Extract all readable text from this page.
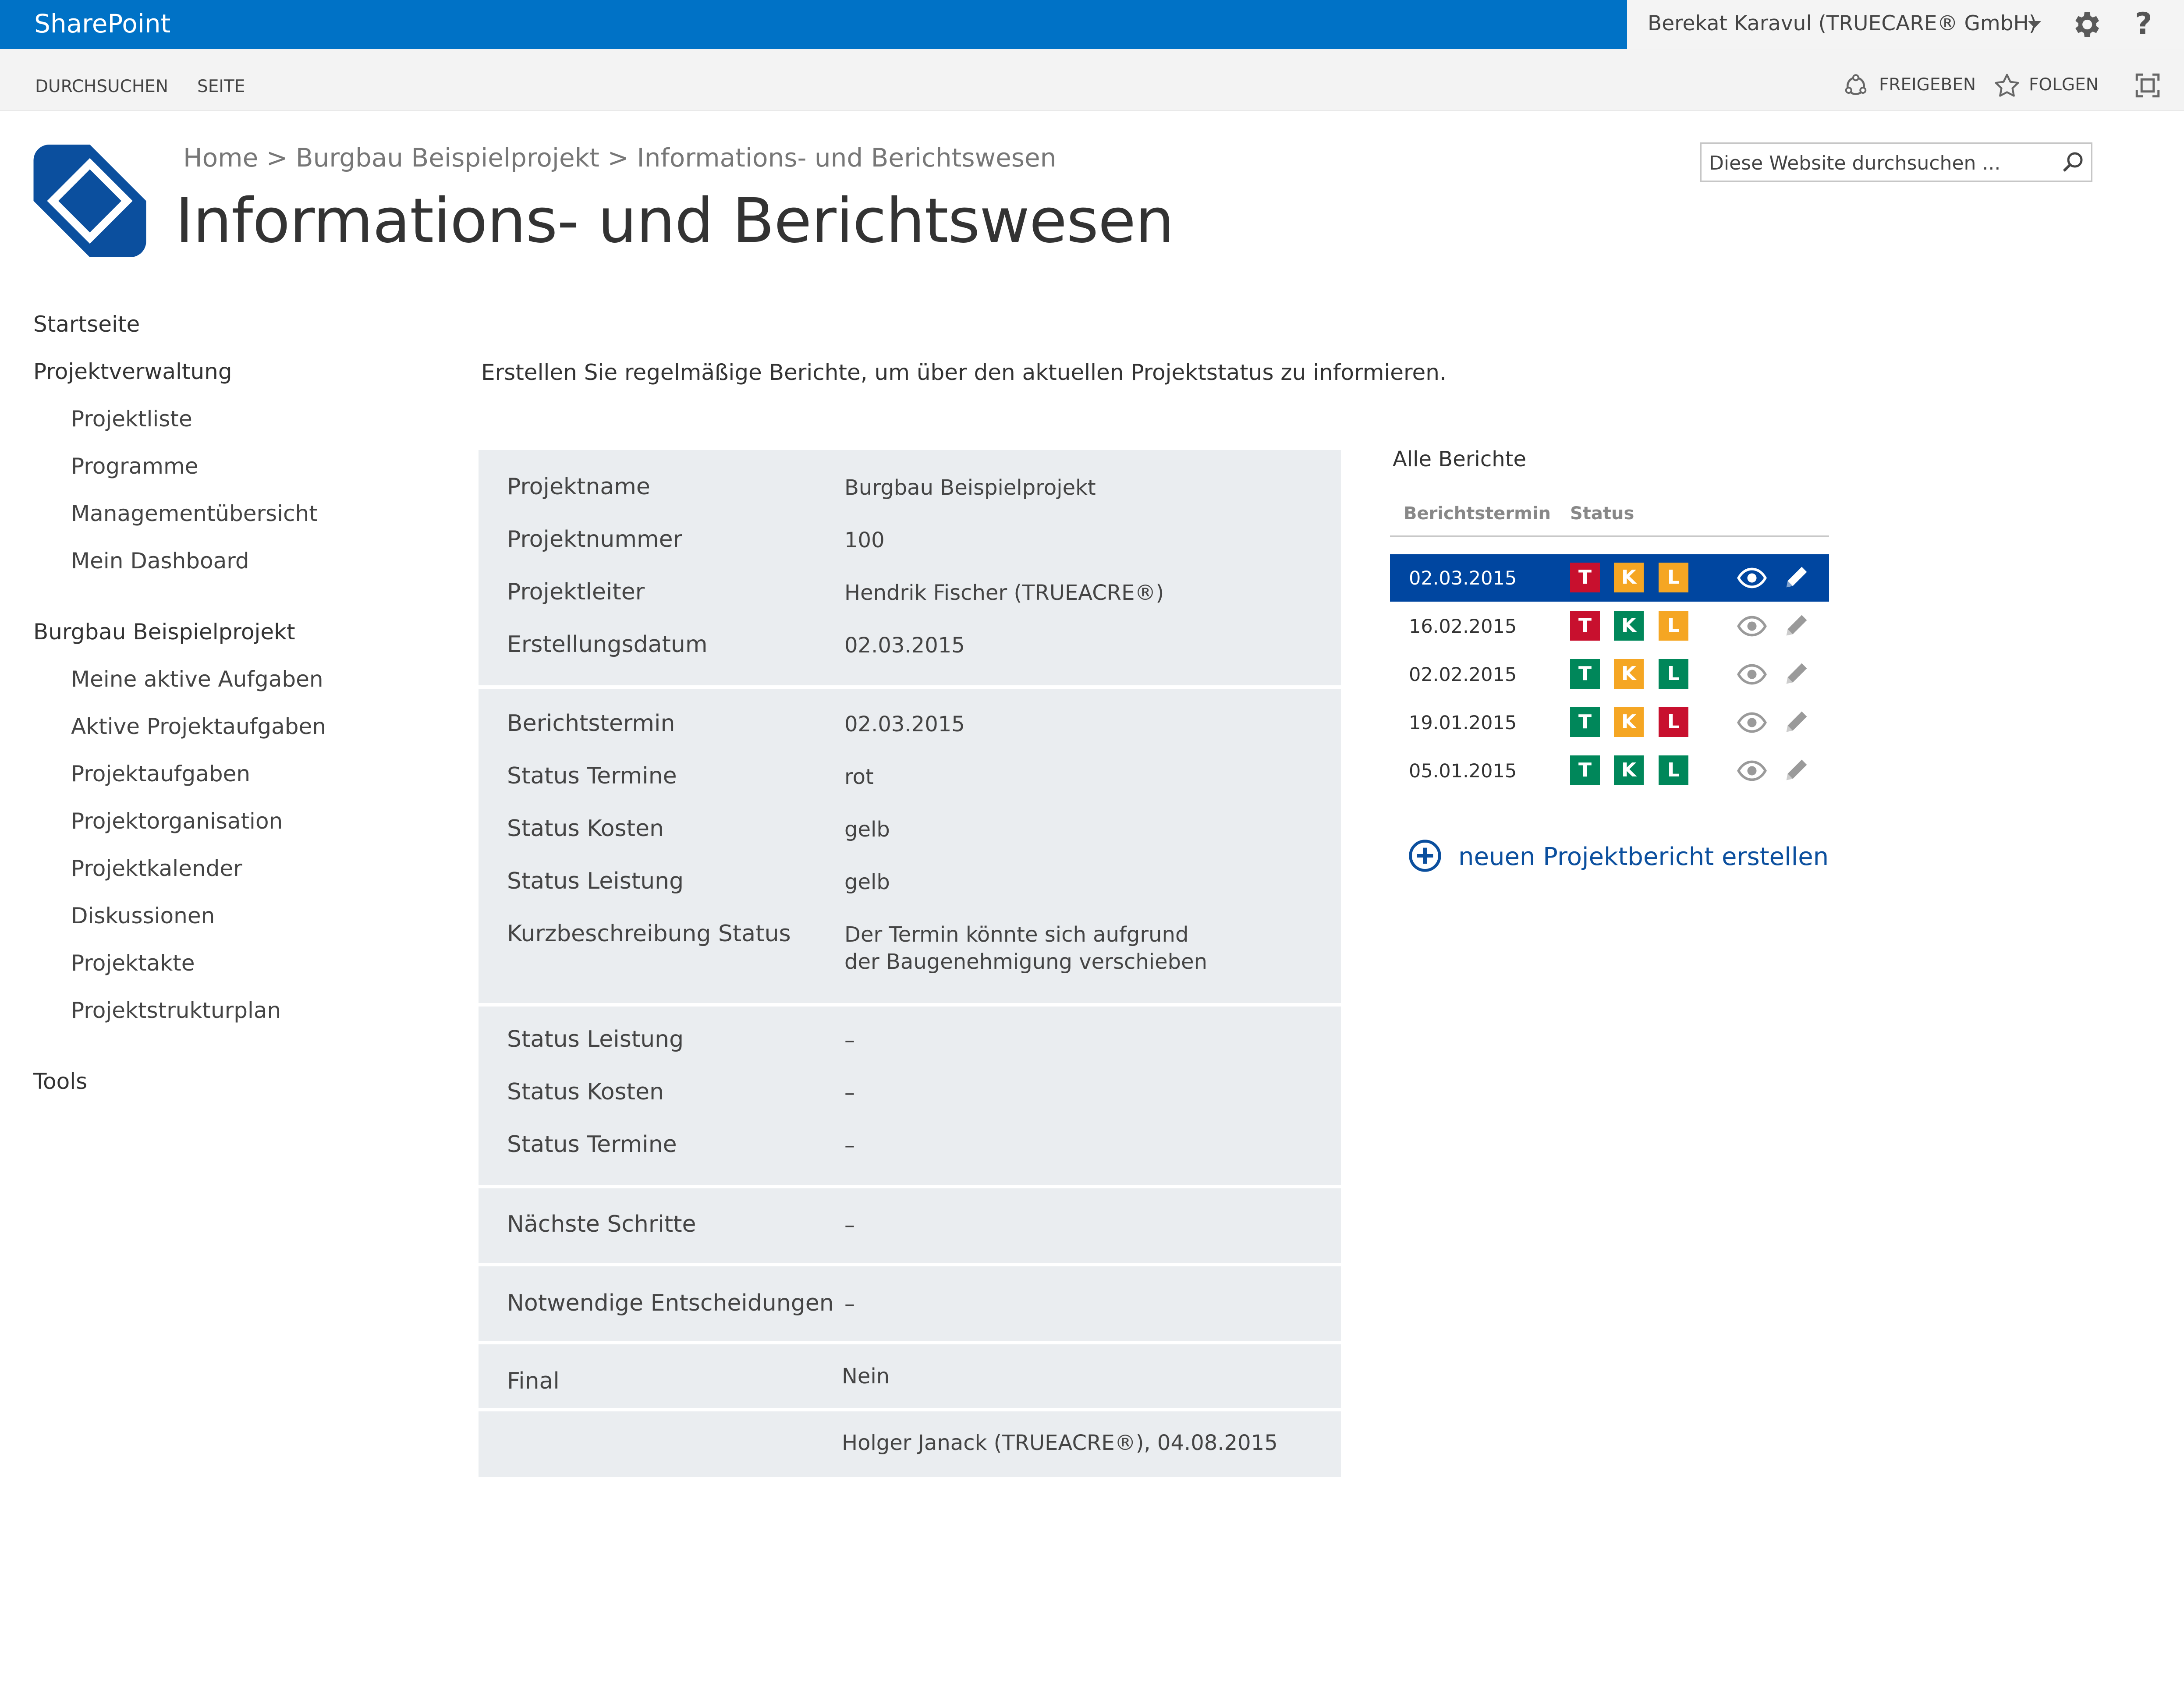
SharePoint	Berekat Karavul (TRUECARE® GmbH)	?
DURCHSUCHEN SEITE	FREIGEBEN	FOLGEN
Home > Burgbau Beispielprojekt > Informations- und Berichtswesen
Informations- und Berichtswesen
Diese Website durchsuchen ...
Startseite
Projektverwaltung
Projektliste
Programme
Managementübersicht
Mein Dashboard
Burgbau Beispielprojekt
Meine aktive Aufgaben
Aktive Projektaufgaben
Projektaufgaben
Projektorganisation
Projektkalender
Diskussionen
Projektakte
Projektstrukturplan
Tools
Erstellen Sie regelmäßige Berichte, um über den aktuellen Projektstatus zu informieren.
Projektname	Burgbau Beispielprojekt
Projektnummer	100
Projektleiter	Hendrik Fischer (TRUEACRE®)
Erstellungsdatum	02.03.2015
Berichtstermin	02.03.2015
Status Termine	rot
Status Kosten	gelb
Status Leistung	gelb
Kurzbeschreibung Status	Der Termin könnte sich aufgrund
der Baugenehmigung verschieben
Status Leistung	–
Status Kosten	–
Status Termine	–
Nächste Schritte	–
Notwendige Entscheidungen –
Final	Nein
Holger Janack (TRUEACRE®), 04.08.2015
Alle Berichte
Berichtstermin Status
02.03.2015	T	K	L
16.02.2015	T	K	L
02.02.2015	T	K	L
19.01.2015	T	K	L
05.01.2015	T	K	L
neuen Projektbericht erstellen
